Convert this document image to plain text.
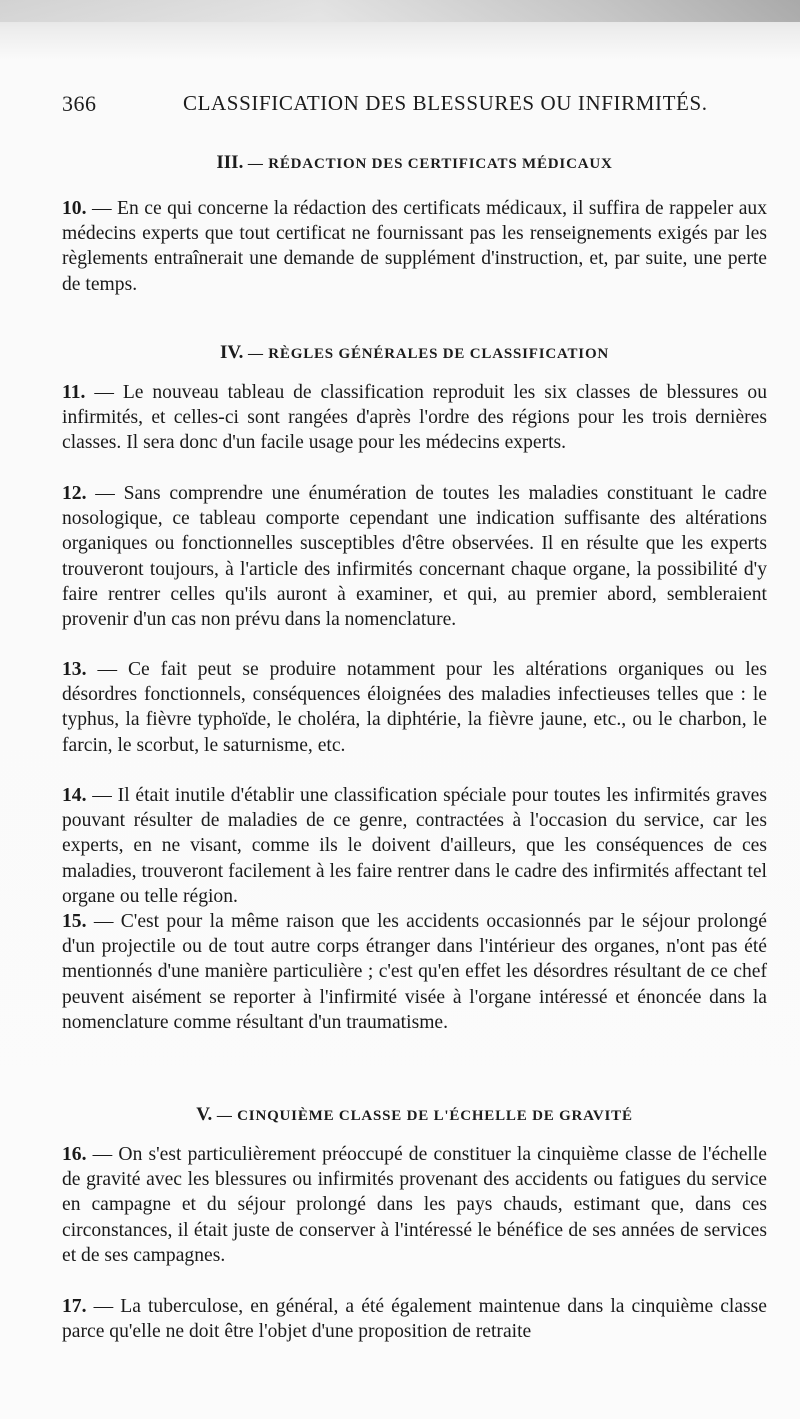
366	CLASSIFICATION DES BLESSURES OU INFIRMITÉS.
III. — RÉDACTION DES CERTIFICATS MÉDICAUX

10. — En ce qui concerne la rédaction des certificats médicaux, il suffira de rappeler aux médecins experts que tout certificat ne fournissant pas les renseignements exigés par les règlements entraînerait une demande de supplément d'instruction, et, par suite, une perte de temps.

IV. — RÈGLES GÉNÉRALES DE CLASSIFICATION

11. — Le nouveau tableau de classification reproduit les six classes de blessures ou infirmités, et celles-ci sont rangées d'après l'ordre des régions pour les trois dernières classes. Il sera donc d'un facile usage pour les médecins experts.

12. — Sans comprendre une énumération de toutes les maladies constituant le cadre nosologique, ce tableau comporte cependant une indication suffisante des altérations organiques ou fonctionnelles susceptibles d'être observées. Il en résulte que les experts trouveront toujours, à l'article des infirmités concernant chaque organe, la possibilité d'y faire rentrer celles qu'ils auront à examiner, et qui, au premier abord, sembleraient provenir d'un cas non prévu dans la nomenclature.

13. — Ce fait peut se produire notamment pour les altérations organiques ou les désordres fonctionnels, conséquences éloignées des maladies infectieuses telles que : le typhus, la fièvre typhoïde, le choléra, la diphtérie, la fièvre jaune, etc., ou le charbon, le farcin, le scorbut, le saturnisme, etc.

14. — Il était inutile d'établir une classification spéciale pour toutes les infirmités graves pouvant résulter de maladies de ce genre, contractées à l'occasion du service, car les experts, en ne visant, comme ils le doivent d'ailleurs, que les conséquences de ces maladies, trouveront facilement à les faire rentrer dans le cadre des infirmités affectant tel organe ou telle région.

15. — C'est pour la même raison que les accidents occasionnés par le séjour prolongé d'un projectile ou de tout autre corps étranger dans l'intérieur des organes, n'ont pas été mentionnés d'une manière particulière ; c'est qu'en effet les désordres résultant de ce chef peuvent aisément se reporter à l'infirmité visée à l'organe intéressé et énoncée dans la nomenclature comme résultant d'un traumatisme.

V. — CINQUIÈME CLASSE DE L'ÉCHELLE DE GRAVITÉ

16. — On s'est particulièrement préoccupé de constituer la cinquième classe de l'échelle de gravité avec les blessures ou infirmités provenant des accidents ou fatigues du service en campagne et du séjour prolongé dans les pays chauds, estimant que, dans ces circonstances, il était juste de conserver à l'intéressé le bénéfice de ses années de services et de ses campagnes.

17. — La tuberculose, en général, a été également maintenue dans la cinquième classe parce qu'elle ne doit être l'objet d'une proposition de retraite
